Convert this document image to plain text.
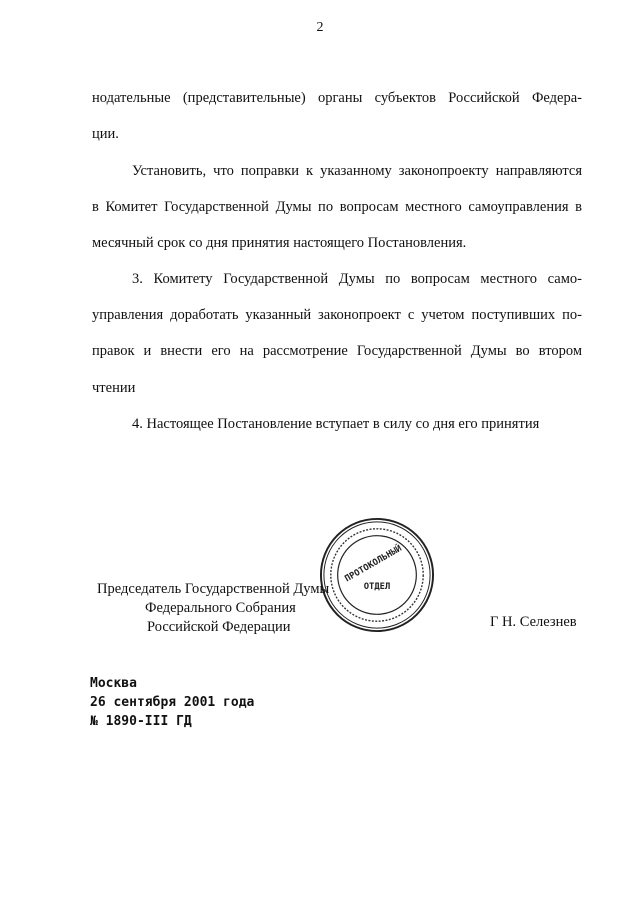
2
нодательные (представительные) органы субъектов Российской Федера-
ции.
Установить, что поправки к указанному законопроекту направляются
в Комитет Государственной Думы по вопросам местного самоуправления в
месячный срок со дня принятия настоящего Постановления.
3. Комитету Государственной Думы по вопросам местного само-
управления доработать указанный законопроект с учетом поступивших по-
правок и внести его на рассмотрение Государственной Думы во втором
чтении
4. Настоящее Постановление вступает в силу со дня его принятия
ПРОТОКОЛЬНЫЙ
ОТДЕЛ
Председатель Государственной Думы
Федерального Собрания
Российской Федерации	Г Н. Селезнев
Москва
26 сентября 2001 года
№ 1890-III ГД
